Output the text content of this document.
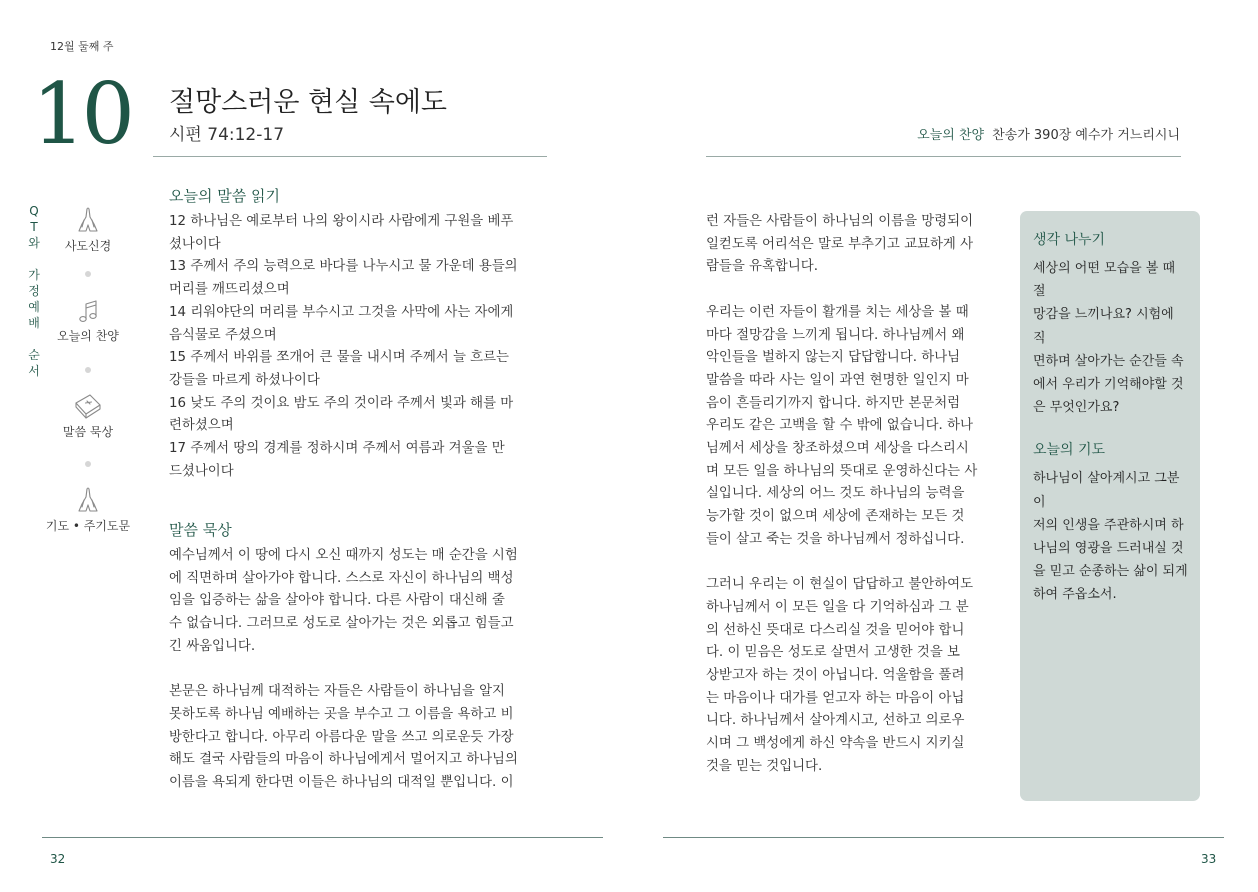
12월 둘째 주
10 절망스러운 현실 속에도
시편 74:12-17	오늘의 찬양 찬송가 390장 예수가 거느리시니
Q
T
와

가
정
예
배

순
서
사도신경
오늘의 찬양
말씀 묵상
기도 • 주기도문
오늘의 말씀 읽기

12 하나님은 예로부터 나의 왕이시라 사람에게 구원을 베푸
셨나이다

13 주께서 주의 능력으로 바다를 나누시고 물 가운데 용들의
머리를 깨뜨리셨으며

14 리워야단의 머리를 부수시고 그것을 사막에 사는 자에게
음식물로 주셨으며

15 주께서 바위를 쪼개어 큰 물을 내시며 주께서 늘 흐르는
강들을 마르게 하셨나이다

16 낮도 주의 것이요 밤도 주의 것이라 주께서 빛과 해를 마
련하셨으며

17 주께서 땅의 경계를 정하시며 주께서 여름과 겨울을 만
드셨나이다

말씀 묵상

예수님께서 이 땅에 다시 오신 때까지 성도는 매 순간을 시험
에 직면하며 살아가야 합니다. 스스로 자신이 하나님의 백성
임을 입증하는 삶을 살아야 합니다. 다른 사람이 대신해 줄
수 없습니다. 그러므로 성도로 살아가는 것은 외롭고 힘들고
긴 싸움입니다.

본문은 하나님께 대적하는 자들은 사람들이 하나님을 알지
못하도록 하나님 예배하는 곳을 부수고 그 이름을 욕하고 비
방한다고 합니다. 아무리 아름다운 말을 쓰고 의로운듯 가장
해도 결국 사람들의 마음이 하나님에게서 멀어지고 하나님의
이름을 욕되게 한다면 이들은 하나님의 대적일 뿐입니다. 이

런 자들은 사람들이 하나님의 이름을 망령되이
일컫도록 어리석은 말로 부추기고 교묘하게 사
람들을 유혹합니다.

우리는 이런 자들이 활개를 치는 세상을 볼 때
마다 절망감을 느끼게 됩니다. 하나님께서 왜
악인들을 벌하지 않는지 답답합니다. 하나님
말씀을 따라 사는 일이 과연 현명한 일인지 마
음이 흔들리기까지 합니다. 하지만 본문처럼
우리도 같은 고백을 할 수 밖에 없습니다. 하나
님께서 세상을 창조하셨으며 세상을 다스리시
며 모든 일을 하나님의 뜻대로 운영하신다는 사
실입니다. 세상의 어느 것도 하나님의 능력을
능가할 것이 없으며 세상에 존재하는 모든 것
들이 살고 죽는 것을 하나님께서 정하십니다.

그러니 우리는 이 현실이 답답하고 불안하여도
하나님께서 이 모든 일을 다 기억하심과 그 분
의 선하신 뜻대로 다스리실 것을 믿어야 합니
다. 이 믿음은 성도로 살면서 고생한 것을 보
상받고자 하는 것이 아닙니다. 억울함을 풀려
는 마음이나 대가를 얻고자 하는 마음이 아닙
니다. 하나님께서 살아계시고, 선하고 의로우
시며 그 백성에게 하신 약속을 반드시 지키실
것을 믿는 것입니다.

생각 나누기
세상의 어떤 모습을 볼 때 절
망감을 느끼나요? 시험에 직
면하며 살아가는 순간들 속
에서 우리가 기억해야할 것
은 무엇인가요?
오늘의 기도
하나님이 살아계시고 그분이
저의 인생을 주관하시며 하
나님의 영광을 드러내실 것
을 믿고 순종하는 삶이 되게
하여 주옵소서.
32	33
